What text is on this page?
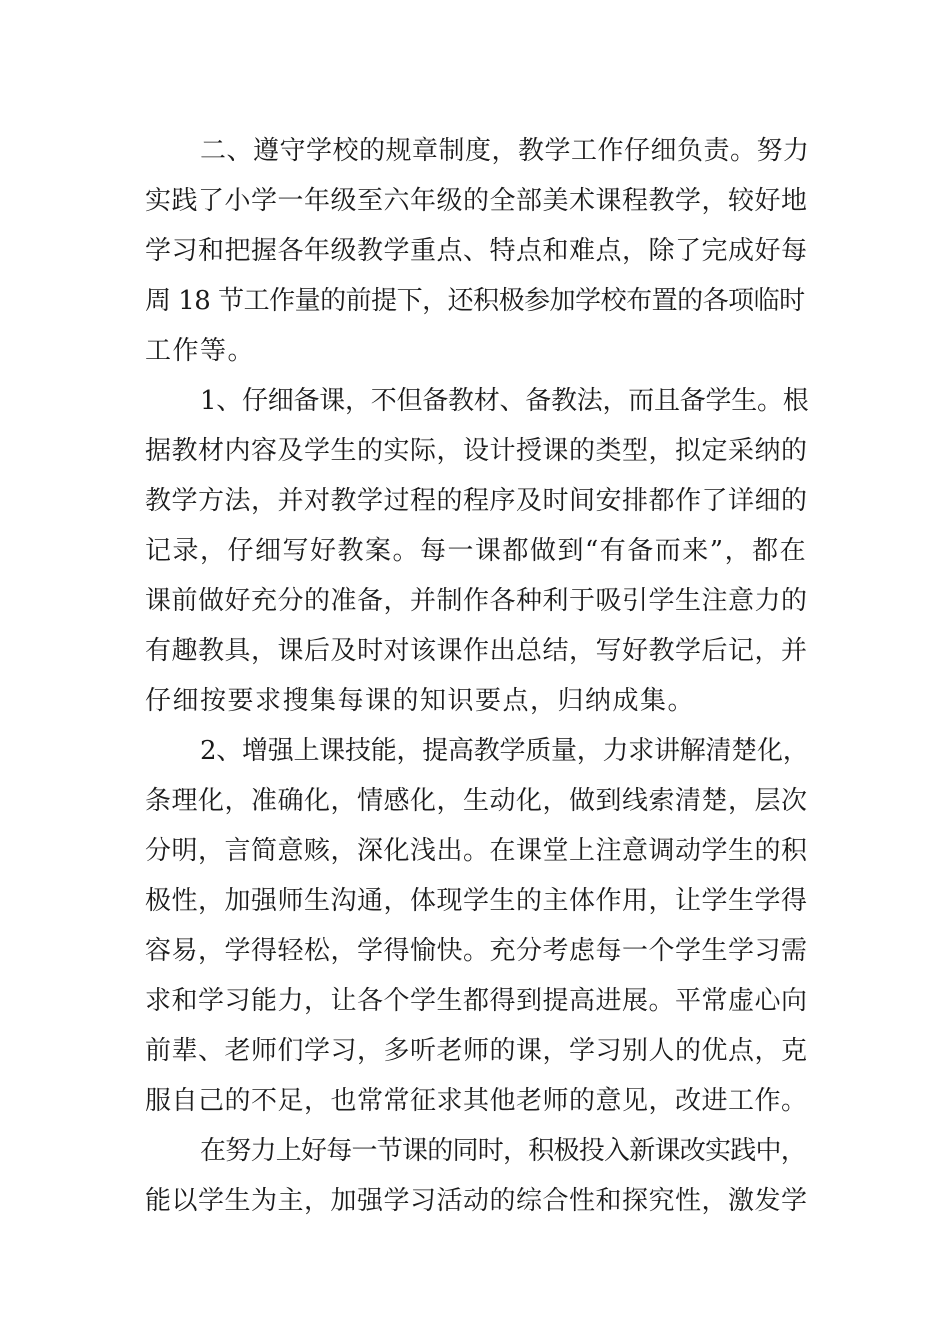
二、遵守学校的规章制度，教学工作仔细负责。努力
实践了小学一年级至六年级的全部美术课程教学，较好地
学习和把握各年级教学重点、特点和难点，除了完成好每
周 18 节工作量的前提下，还积极参加学校布置的各项临时
工作等。
1、仔细备课，不但备教材、备教法，而且备学生。根
据教材内容及学生的实际，设计授课的类型，拟定采纳的
教学方法，并对教学过程的程序及时间安排都作了详细的
记录，仔细写好教案。每一课都做到“有备而来”，都在
课前做好充分的准备，并制作各种利于吸引学生注意力的
有趣教具，课后及时对该课作出总结，写好教学后记，并
仔细按要求搜集每课的知识要点，归纳成集。
2、增强上课技能，提高教学质量，力求讲解清楚化，
条理化，准确化，情感化，生动化，做到线索清楚，层次
分明，言简意赅，深化浅出。在课堂上注意调动学生的积
极性，加强师生沟通，体现学生的主体作用，让学生学得
容易，学得轻松，学得愉快。充分考虑每一个学生学习需
求和学习能力，让各个学生都得到提高进展。平常虚心向
前辈、老师们学习，多听老师的课，学习别人的优点，克
服自己的不足，也常常征求其他老师的意见，改进工作。
在努力上好每一节课的同时，积极投入新课改实践中，
能以学生为主，加强学习活动的综合性和探究性，激发学
